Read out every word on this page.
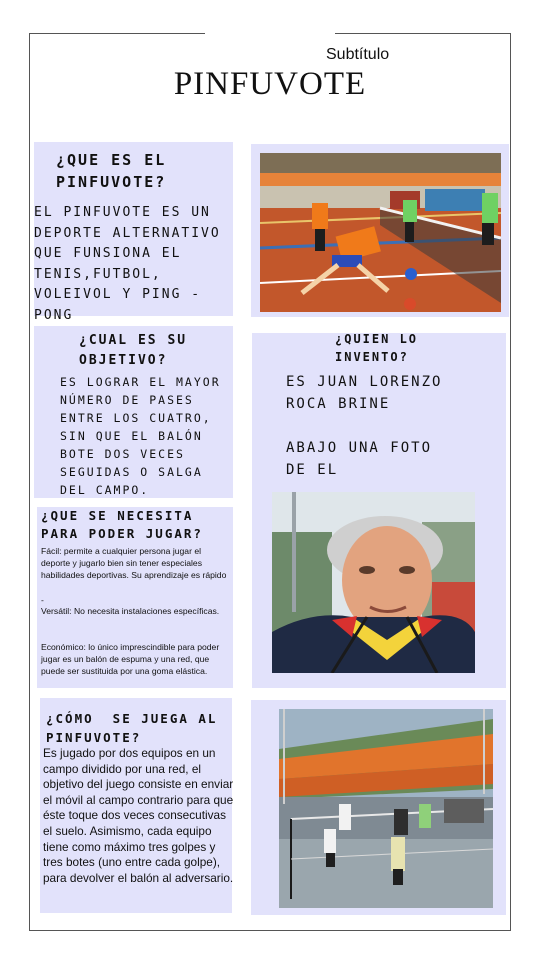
Subtítulo
PINFUVOTE
¿QUE ES EL PINFUVOTE?
EL PINFUVOTE ES UN DEPORTE ALTERNATIVO QUE FUNSIONA EL TENIS,FUTBOL, VOLEIVOL Y PING -PONG
¿CUAL ES SU OBJETIVO?
ES LOGRAR EL MAYOR NÚMERO DE PASES ENTRE LOS CUATRO, SIN QUE EL BALÓN BOTE DOS VECES SEGUIDAS O SALGA DEL CAMPO.
¿QUIEN LO INVENTO?
ES JUAN LORENZO ROCA BRINE
ABAJO UNA FOTO DE EL
¿QUE SE NECESITA PARA PODER JUGAR?
Fácil: permite a cualquier persona jugar el deporte y jugarlo bien sin tener especiales habilidades deportivas. Su aprendizaje es rápido
-
Versátil: No necesita instalaciones específicas.
Económico: lo único imprescindible para poder jugar es un balón de espuma y una red, que puede ser sustituida por una goma elástica.
¿CÓMO  SE JUEGA AL PINFUVOTE?
Es jugado por dos equipos en un campo dividido por una red, el objetivo del juego consiste en enviar el móvil al campo contrario para que éste toque dos veces consecutivas el suelo. Asimismo, cada equipo tiene como máximo tres golpes y tres botes (uno entre cada golpe), para devolver el balón al adversario.
